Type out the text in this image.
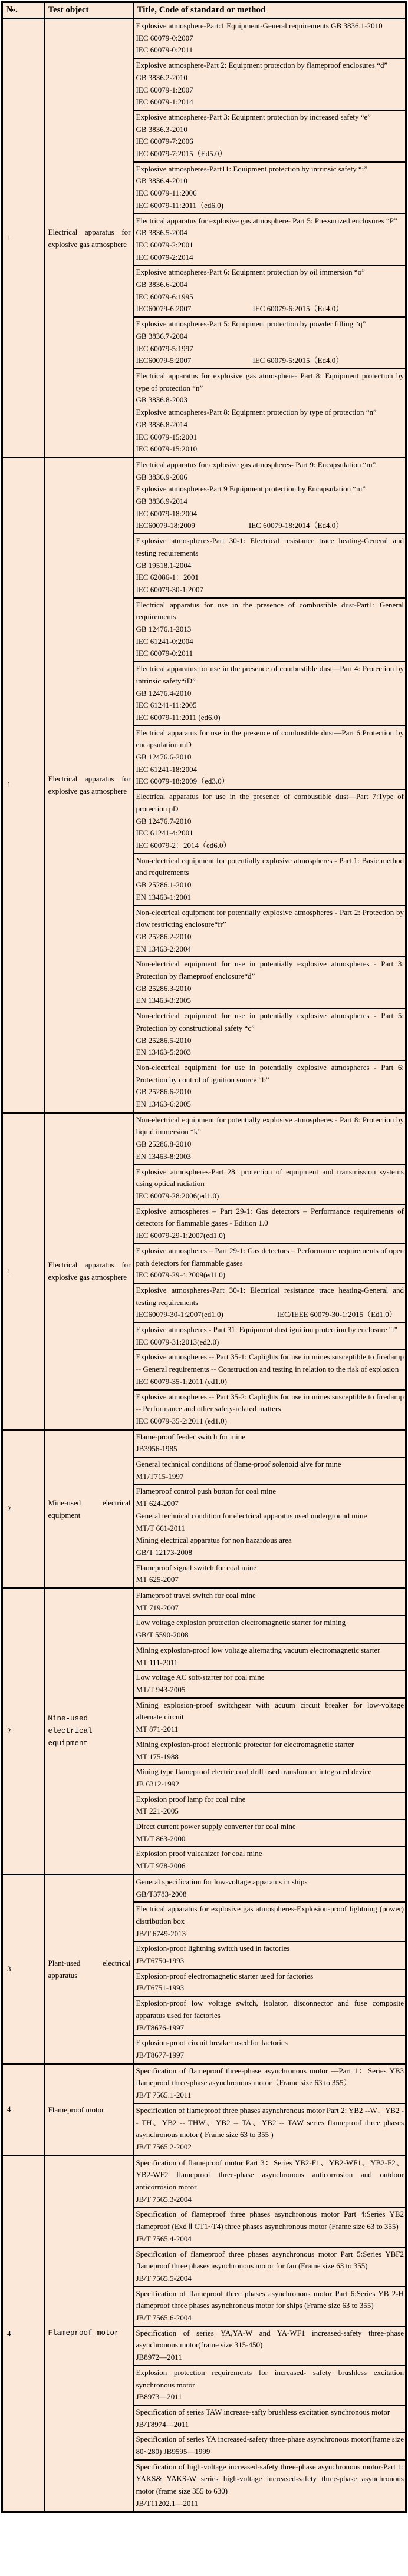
№.	Test object	Title, Code of standard or method
1	Electrical apparatus for explosive gas atmosphere	
Explosive atmosphere-Part:1 Equipment-General requirements GB 3836.1-2010
IEC 60079-0:2007
IEC 60079-0:2011
Explosive atmosphere-Part 2: Equipment protection by flameproof enclosures “d”
GB 3836.2-2010
IEC 60079-1:2007
IEC 60079-1:2014
Explosive atmospheres-Part 3: Equipment protection by increased safety “e”
GB 3836.3-2010
IEC 60079-7:2006
IEC 60079-7:2015（Ed5.0）
Explosive atmospheres-Part11: Equipment protection by intrinsic safety “i”
GB 3836.4-2010
IEC 60079-11:2006
IEC 60079-11:2011（ed6.0)
Electrical apparatus for explosive gas atmosphere- Part 5: Pressurized enclosures “P”
GB 3836.5-2004
IEC 60079-2:2001
IEC 60079-2:2014
Explosive atmospheres-Part 6: Equipment protection by oil immersion “o”
GB 3836.6-2004
IEC 60079-6:1995
IEC60079-6:2007        IEC 60079-6:2015（Ed4.0）
Explosive atmospheres-Part 5: Equipment protection by powder filling “q”
GB 3836.7-2004
IEC 60079-5:1997
IEC60079-5:2007        IEC 60079-5:2015（Ed4.0）
Electrical apparatus for explosive gas atmosphere- Part 8: Equipment protection by type of protection “n”
GB 3836.8-2003
Explosive atmospheres-Part 8: Equipment protection by type of protection “n”
GB 3836.8-2014
IEC 60079-15:2001
IEC 60079-15:2010

1	Electrical apparatus for explosive gas atmosphere	
Electrical apparatus for explosive gas atmospheres- Part 9: Encapsulation “m”
GB 3836.9-2006
Explosive atmospheres-Part 9 Equipment protection by Encapsulation “m”
GB 3836.9-2014
IEC 60079-18:2004
IEC60079-18:2009       IEC 60079-18:2014（Ed4.0）
Explosive atmospheres-Part 30-1: Electrical resistance trace heating-General and testing requirements
GB 19518.1-2004
IEC 62086-1：2001
IEC 60079-30-1:2007
Electrical apparatus for use in the presence of combustible dust-Part1: General requirements
GB 12476.1-2013
IEC 61241-0:2004
IEC 60079-0:2011
Electrical apparatus for use in the presence of combustible dust—Part 4: Protection by intrinsic safety“iD”
GB 12476.4-2010
IEC 61241-11:2005
IEC 60079-11:2011 (ed6.0)
Electrical apparatus for use in the presence of combustible dust—Part 6:Protection by encapsulation mD
GB 12476.6-2010
IEC 61241-18:2004
IEC 60079-18:2009（ed3.0）
Electrical apparatus for use in the presence of combustible dust—Part 7:Type of protection pD
GB 12476.7-2010
IEC 61241-4:2001
IEC 60079-2：2014（ed6.0）
Non-electrical equipment for potentially explosive atmospheres - Part 1: Basic method and requirements
GB 25286.1-2010
EN 13463-1:2001
Non-electrical equipment for potentially explosive atmospheres - Part 2: Protection by flow restricting enclosure“fr”
GB 25286.2-2010
EN 13463-2:2004
Non-electrical equipment for use in potentially explosive atmospheres - Part 3: Protection by flameproof enclosure“d”
GB 25286.3-2010
EN 13463-3:2005
Non-electrical equipment for use in potentially explosive atmospheres - Part 5: Protection by constructional safety “c”
GB 25286.5-2010
EN 13463-5:2003
Non-electrical equipment for use in potentially explosive atmospheres - Part 6: Protection by control of ignition source “b”
GB 25286.6-2010
EN 13463-6:2005

1	Electrical apparatus for explosive gas atmosphere	
Non-electrical equipment for potentially explosive atmospheres - Part 8: Protection by liquid immersion “k”
GB 25286.8-2010
EN 13463-8:2003
Explosive atmospheres-Part 28: protection of equipment and transmission systems using optical radiation
IEC 60079-28:2006(ed1.0)
Explosive atmospheres – Part 29-1: Gas detectors – Performance requirements of detectors for flammable gases - Edition 1.0
IEC 60079-29-1:2007(ed1.0)
Explosive atmospheres – Part 29-1: Gas detectors – Performance requirements of open path detectors for flammable gases
IEC 60079-29-4:2009(ed1.0)
Explosive atmospheres-Part 30-1: Electrical resistance trace heating-General and testing requirements
IEC60079-30-1:2007(ed1.0)       IEC/IEEE 60079-30-1:2015（Ed1.0）
Explosive atmospheres - Part 31: Equipment dust ignition protection by enclosure "t"
IEC 60079-31:2013(ed2.0)
Explosive atmospheres -- Part 35-1: Caplights for use in mines susceptible to firedamp -- General requirements -- Construction and testing in relation to the risk of explosion
IEC 60079-35-1:2011 (ed1.0)
Explosive atmospheres -- Part 35-2: Caplights for use in mines susceptible to firedamp -- Performance and other safety-related matters
IEC 60079-35-2:2011 (ed1.0)

2	Mine-used electrical equipment	
Flame-proof feeder switch for mine
JB3956-1985
General technical conditions of flame-proof solenoid alve for mine
MT/T715-1997
Flameproof control push button for coal mine
MT 624-2007
General technical condition for electrical apparatus used underground mine
MT/T 661-2011
Mining electrical apparatus for non hazardous area
GB/T 12173-2008
Flameproof signal switch for coal mine
MT 625-2007

2	Mine-used electrical equipment	
Flameproof travel switch for coal mine
MT 719-2007
Low voltage explosion protection electromagnetic starter for mining
GB/T 5590-2008
Mining explosion-proof low voltage alternating vacuum electromagnetic starter
MT 111-2011
Low voltage AC soft-starter for coal mine
MT/T 943-2005
Mining explosion-proof switchgear with acuum circuit breaker for low-voltage alternate circuit
MT 871-2011
Mining explosion-proof electronic protector for electromagnetic starter
MT 175-1988
Mining type flameproof electric coal drill used transformer integrated device
JB 6312-1992
Explosion proof lamp for coal mine
MT 221-2005
Direct current power supply converter for coal mine
MT/T 863-2000
Explosion proof vulcanizer for coal mine
MT/T 978-2006

3	Plant-used electrical apparatus	
General specification for low-voltage apparatus in ships
GB/T3783-2008
Electrical apparatus for explosive gas atmospheres-Explosion-proof lightning (power) distribution box
JB/T 6749-2013
Explosion-proof lightning switch used in factories
JB/T6750-1993
Explosion-proof electromagnetic starter used for factories
JB/T6751-1993
Explosion-proof low voltage switch, isolator, disconnector and fuse composite apparatus used for factories
JB/T8676-1997
Explosion-proof circuit breaker used for factories
JB/T8677-1997

4	Flameproof motor	Specification of flameproof three-phase asynchronous motor ―Part 1：Series YB3 flameproof three-phase asynchronous motor（Frame size 63 to 355）
JB/T 7565.1-2011
Specification of flameproof three phases asynchronous motor Part 2: YB2 --W、YB2 -- TH、YB2 -- THW、YB2 -- TA、YB2 -- TAW series flameproof three phases asynchronous motor ( Frame size 63 to 355 )
JB/T 7565.2-2002

4	Flameproof motor	
Specification of flameproof motor Part 3：Series YB2-F1、YB2-WF1、YB2-F2、YB2-WF2 flameproof three-phase asynchronous anticorrosion and outdoor anticorrosion motor
JB/T 7565.3-2004
Specification of flameproof three phases asynchronous motor Part 4:Series YB2 flameproof (Exd Ⅱ CT1~T4) three phases asynchronous motor (Frame size 63 to 355)
JB/T 7565.4-2004
Specification of flameproof three phases asynchronous motor Part 5:Series YBF2 flameproof three phases asynchronous motor for fan (Frame size 63 to 355)
JB/T 7565.5-2004
Specification of flameproof three phases asynchronous motor Part 6:Series YB 2-H flameproof three phases asynchronous motor for ships (Frame size 63 to 355)
JB/T 7565.6-2004
Specification of series YA,YA-W and YA-WF1 increased-safety three-phase asynchronous motor(frame size 315-450)
JB8972—2011
Explosion protection requirements for increased- safety brushless excitation synchronous motor
JB8973—2011
Specification of series TAW increase-safty brushless excitation synchronous motor
JB/T8974—2011
Specification of series YA increased-safety three-phase asynchronous motor(frame size 80~280) JB9595—1999
Specification of high-voltage increased-safety three-phase asynchronous motor-Part 1: YAKS& YAKS-W series high-voltage increased-safety three-phase asynchronous motor (frame size 355 to 630)
JB/T11202.1—2011
